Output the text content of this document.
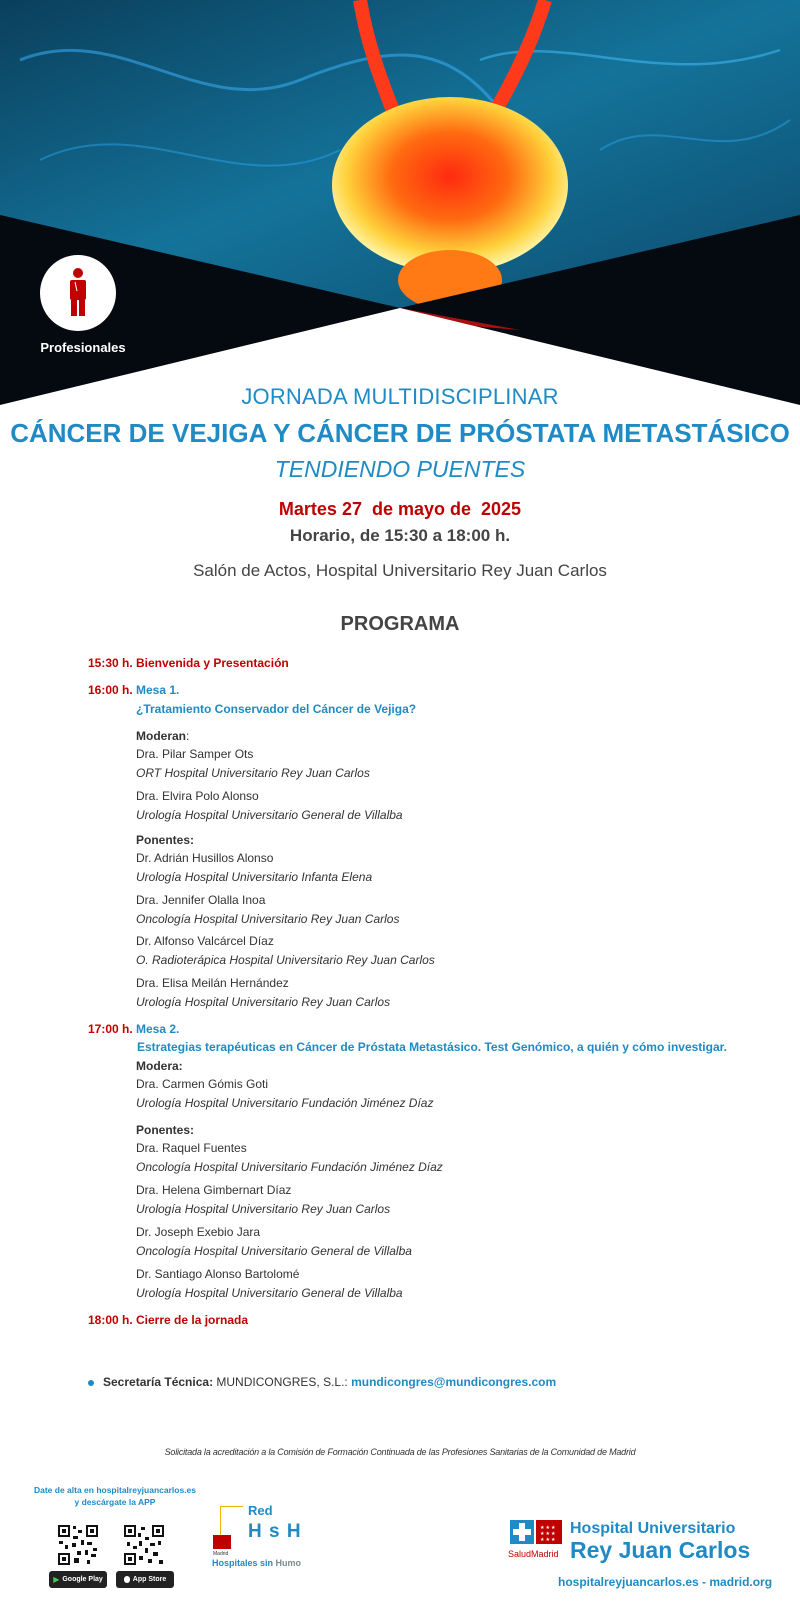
Profesionales
JORNADA MULTIDISCIPLINAR
CÁNCER DE VEJIGA Y CÁNCER DE PRÓSTATA METASTÁSICO
TENDIENDO PUENTES
Martes 27  de mayo de  2025
Horario, de 15:30 a 18:00 h.
Salón de Actos, Hospital Universitario Rey Juan Carlos
PROGRAMA
15:30 h. Bienvenida y Presentación
16:00 h. Mesa 1.
¿Tratamiento Conservador del Cáncer de Vejiga?
Moderan:
Dra. Pilar Samper Ots
ORT Hospital Universitario Rey Juan Carlos
Dra. Elvira Polo Alonso
Urología Hospital Universitario General de Villalba
Ponentes:
Dr. Adrián Husillos Alonso
Urología Hospital Universitario Infanta Elena
Dra. Jennifer Olalla Inoa
Oncología Hospital Universitario Rey Juan Carlos
Dr. Alfonso Valcárcel Díaz
O. Radioterápica Hospital Universitario Rey Juan Carlos
Dra. Elisa Meilán Hernández
Urología Hospital Universitario Rey Juan Carlos
17:00 h. Mesa 2.
Estrategias terapéuticas en Cáncer de Próstata Metastásico. Test Genómico, a quién y cómo investigar.
Modera:
Dra. Carmen Gómis Goti
Urología Hospital Universitario Fundación Jiménez Díaz
Ponentes:
Dra. Raquel Fuentes
Oncología Hospital Universitario Fundación Jiménez Díaz
Dra. Helena Gimbernart Díaz
Urología Hospital Universitario Rey Juan Carlos
Dr. Joseph Exebio Jara
Oncología Hospital Universitario General de Villalba
Dr. Santiago Alonso Bartolomé
Urología Hospital Universitario General de Villalba
18:00 h. Cierre de la jornada
Secretaría Técnica: MUNDICONGRES, S.L.: mundicongres@mundicongres.com
Solicitada la acreditación a la Comisión de Formación Continuada de las Profesiones Sanitarias de la Comunidad de Madrid
Date de alta en hospitalreyjuancarlos.es
y descárgate la APP
▶ Google Play	App Store
Red
H s H
Madrid
Hospitales sin Humo
★★★
★★★
★★★
SaludMadrid
Hospital Universitario
Rey Juan Carlos
hospitalreyjuancarlos.es - madrid.org
